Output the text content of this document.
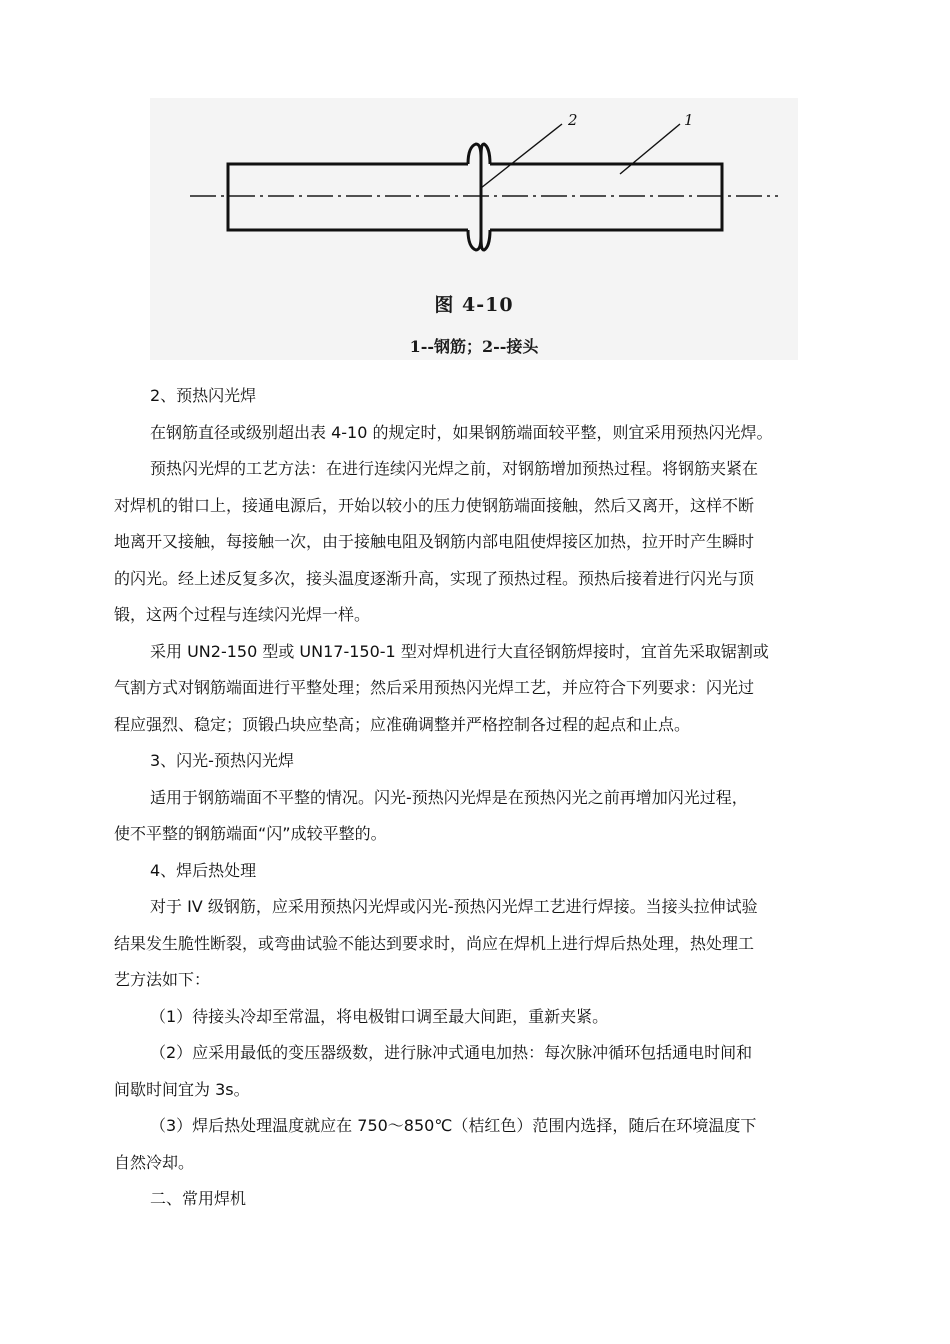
2	1
图 4-10
1--钢筋；2--接头
2、预热闪光焊
在钢筋直径或级别超出表 4-10 的规定时，如果钢筋端面较平整，则宜采用预热闪光焊。
预热闪光焊的工艺方法：在进行连续闪光焊之前，对钢筋增加预热过程。将钢筋夹紧在
对焊机的钳口上，接通电源后，开始以较小的压力使钢筋端面接触，然后又离开，这样不断
地离开又接触，每接触一次，由于接触电阻及钢筋内部电阻使焊接区加热，拉开时产生瞬时
的闪光。经上述反复多次，接头温度逐渐升高，实现了预热过程。预热后接着进行闪光与顶
锻，这两个过程与连续闪光焊一样。
采用 UN2-150 型或 UN17-150-1 型对焊机进行大直径钢筋焊接时，宜首先采取锯割或
气割方式对钢筋端面进行平整处理；然后采用预热闪光焊工艺，并应符合下列要求：闪光过
程应强烈、稳定；顶锻凸块应垫高；应准确调整并严格控制各过程的起点和止点。
3、闪光-预热闪光焊
适用于钢筋端面不平整的情况。闪光-预热闪光焊是在预热闪光之前再增加闪光过程，
使不平整的钢筋端面“闪”成较平整的。
4、焊后热处理
对于 IV 级钢筋，应采用预热闪光焊或闪光-预热闪光焊工艺进行焊接。当接头拉伸试验
结果发生脆性断裂，或弯曲试验不能达到要求时，尚应在焊机上进行焊后热处理，热处理工
艺方法如下：
（1）待接头冷却至常温，将电极钳口调至最大间距，重新夹紧。
（2）应采用最低的变压器级数，进行脉冲式通电加热：每次脉冲循环包括通电时间和
间歇时间宜为 3s。
（3）焊后热处理温度就应在 750～850℃（桔红色）范围内选择，随后在环境温度下
自然冷却。
二、常用焊机
